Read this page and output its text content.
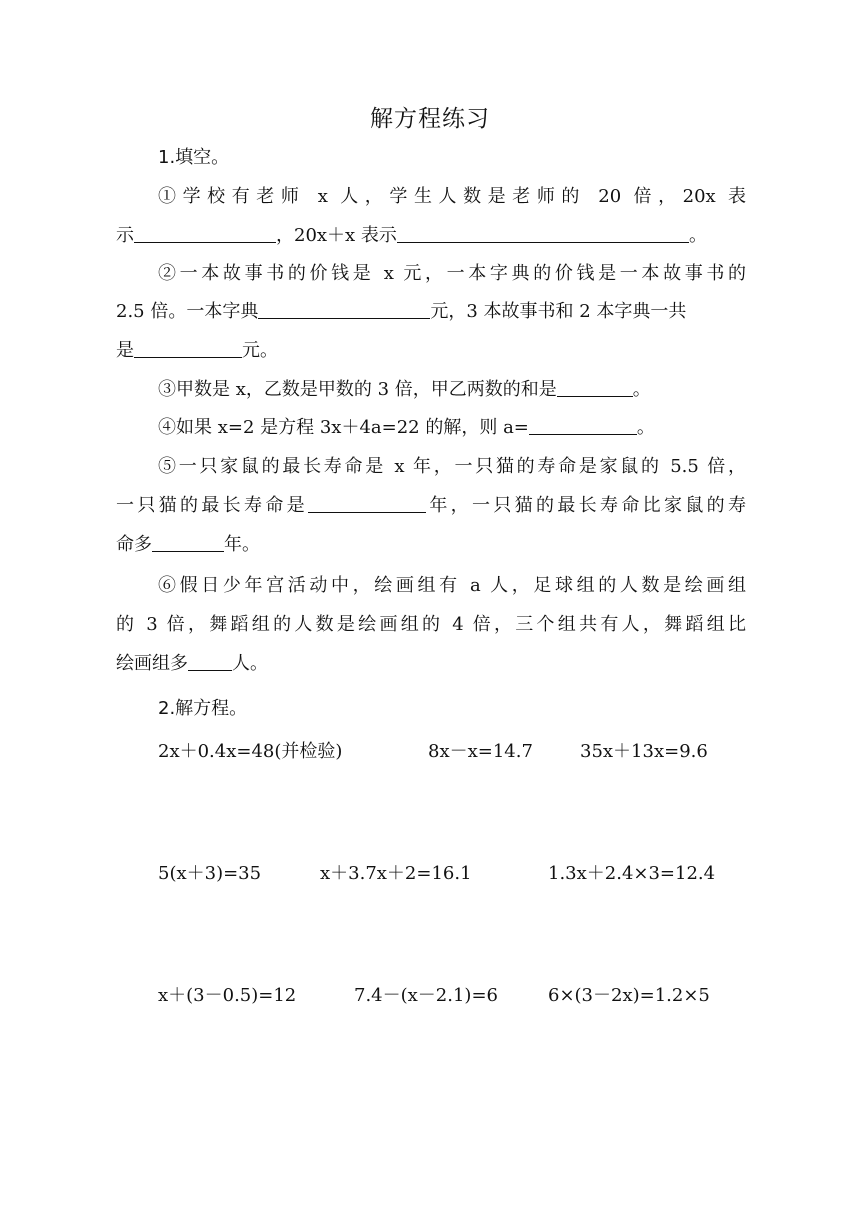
解方程练习
1.填空。
①学校有老师 x 人，学生人数是老师的 20 倍，20x 表
示	，20x＋x 表示	。
②一本故事书的价钱是 x 元，一本字典的价钱是一本故事书的
2.5 倍。一本字典	元，3 本故事书和 2 本字典一共
是	元。
③甲数是 x，乙数是甲数的 3 倍，甲乙两数的和是	。
④如果 x=2 是方程 3x＋4a=22 的解，则 a=	。
⑤一只家鼠的最长寿命是 x 年，一只猫的寿命是家鼠的 5.5 倍，
一只猫的最长寿命是	年，一只猫的最长寿命比家鼠的寿
命多	年。
⑥假日少年宫活动中，绘画组有 a 人，足球组的人数是绘画组
的 3 倍，舞蹈组的人数是绘画组的 4 倍，三个组共有人，舞蹈组比
绘画组多 人。
2.解方程。
2x＋0.4x=48(并检验)	8x－x=14.7	35x＋13x=9.6
5(x＋3)=35	x＋3.7x＋2=16.1	1.3x＋2.4×3=12.4
x＋(3－0.5)=12	7.4－(x－2.1)=6	6×(3－2x)=1.2×5
